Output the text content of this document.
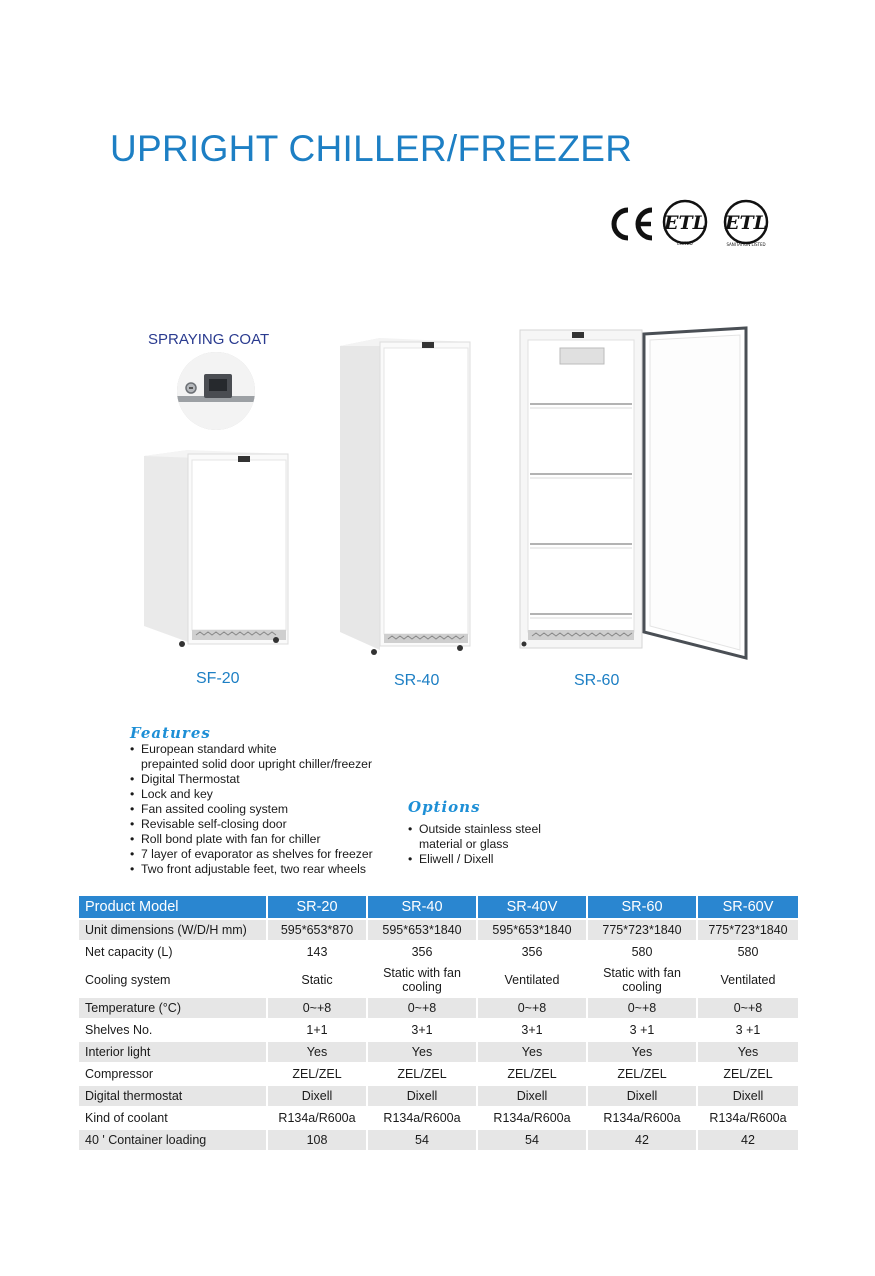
UPRIGHT CHILLER/FREEZER
ETL
LISTED
ETL
SANITATION LISTED
SPRAYING COAT
SF-20	SR-40	SR-60
Features
• European standard white
prepainted solid door upright chiller/freezer
• Digital Thermostat
• Lock and key
• Fan assited cooling system
• Revisable self-closing door
• Roll bond plate with fan for chiller
• 7 layer of evaporator as shelves for freezer
• Two front adjustable feet, two rear wheels
Options
• Outside stainless steel
material or glass
• Eliwell / Dixell
Product Model	SR-20	SR-40	SR-40V	SR-60	SR-60V
Unit dimensions (W/D/H mm)	595*653*870	595*653*1840	595*653*1840	775*723*1840	775*723*1840
Net capacity (L)	143	356	356	580	580
Cooling system	Static	Static with fan cooling	Ventilated	Static with fan cooling	Ventilated
Temperature (°C)	0~+8	0~+8	0~+8	0~+8	0~+8
Shelves No.	1+1	3+1	3+1	3 +1	3 +1
Interior light	Yes	Yes	Yes	Yes	Yes
Compressor	ZEL/ZEL	ZEL/ZEL	ZEL/ZEL	ZEL/ZEL	ZEL/ZEL
Digital thermostat	Dixell	Dixell	Dixell	Dixell	Dixell
Kind of coolant	R134a/R600a	R134a/R600a	R134a/R600a	R134a/R600a	R134a/R600a
40 ' Container loading	108	54	54	42	42
